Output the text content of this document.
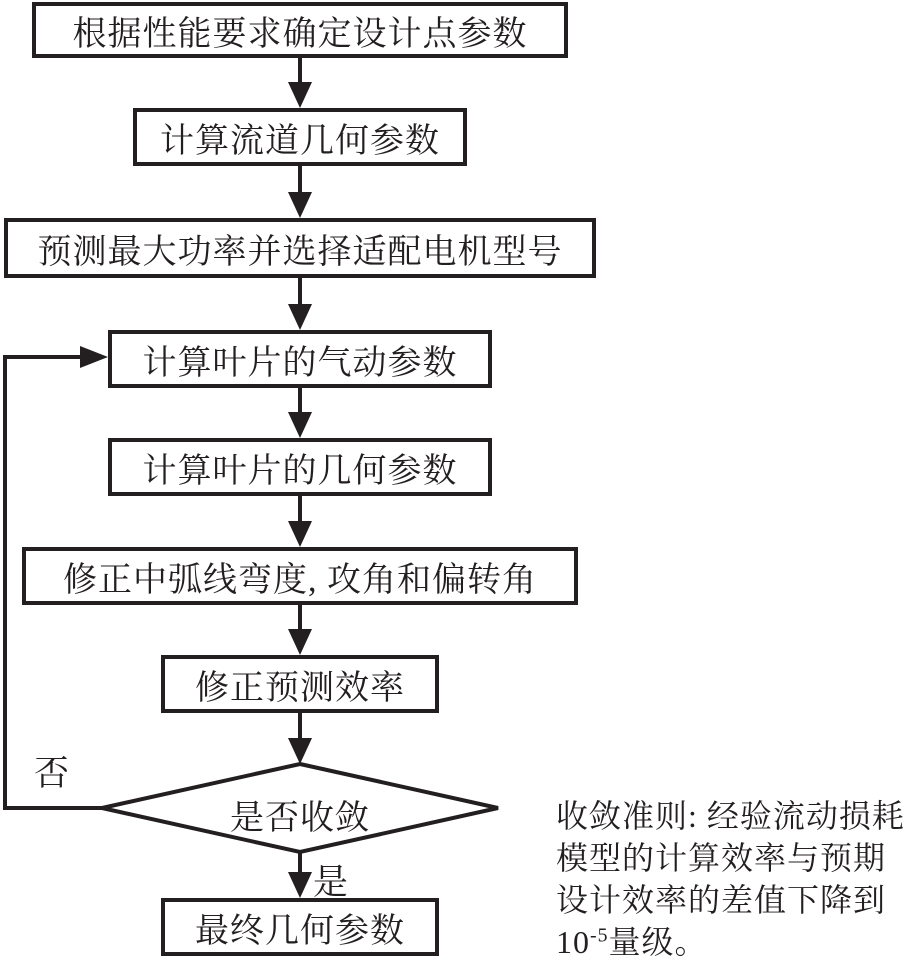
根据性能要求确定设计点参数
计算流道几何参数
预测最大功率并选择适配电机型号
计算叶片的气动参数
计算叶片的几何参数
修正中弧线弯度, 攻角和偏转角
修正预测效率
是否收敛
最终几何参数
否
是
收敛准则: 经验流动损耗
模型的计算效率与预期
设计效率的差值下降到
$10^{-5}$量级。
